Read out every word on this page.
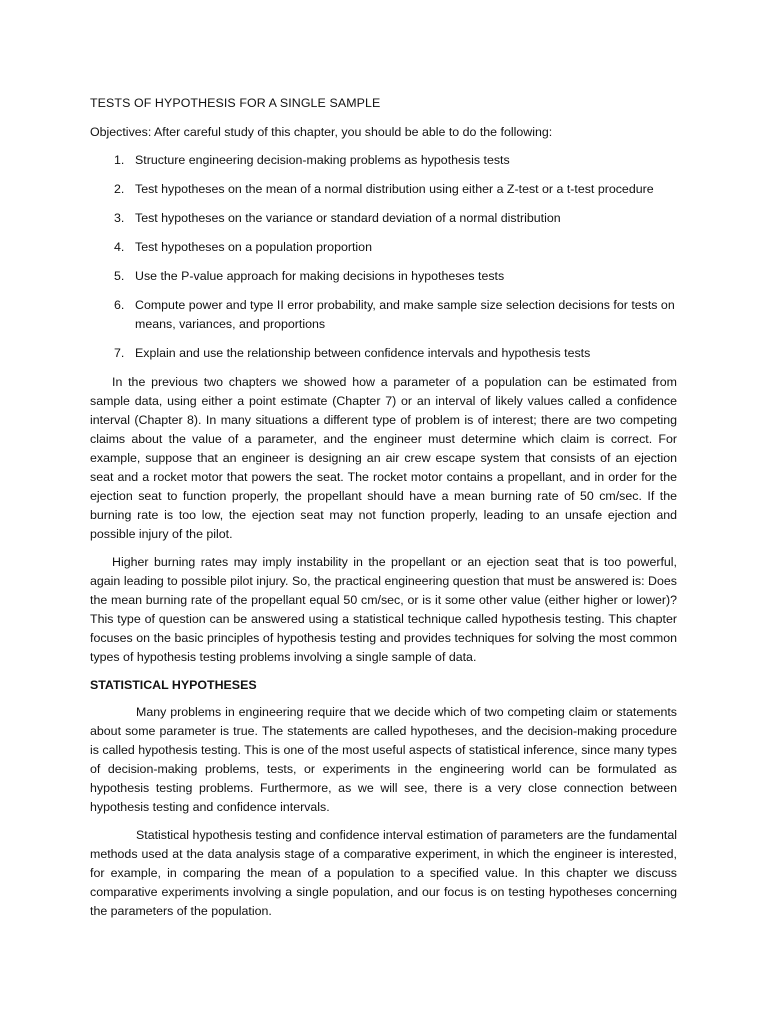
TESTS OF HYPOTHESIS FOR A SINGLE SAMPLE
Objectives: After careful study of this chapter, you should be able to do the following:
1. Structure engineering decision-making problems as hypothesis tests
2. Test hypotheses on the mean of a normal distribution using either a Z-test or a t-test procedure
3. Test hypotheses on the variance or standard deviation of a normal distribution
4. Test hypotheses on a population proportion
5. Use the P-value approach for making decisions in hypotheses tests
6. Compute power and type II error probability, and make sample size selection decisions for tests on means, variances, and proportions
7. Explain and use the relationship between confidence intervals and hypothesis tests

In the previous two chapters we showed how a parameter of a population can be estimated from sample data, using either a point estimate (Chapter 7) or an interval of likely values called a confidence interval (Chapter 8). In many situations a different type of problem is of interest; there are two competing claims about the value of a parameter, and the engineer must determine which claim is correct. For example, suppose that an engineer is designing an air crew escape system that consists of an ejection seat and a rocket motor that powers the seat. The rocket motor contains a propellant, and in order for the ejection seat to function properly, the propellant should have a mean burning rate of 50 cm/sec. If the burning rate is too low, the ejection seat may not function properly, leading to an unsafe ejection and possible injury of the pilot.

Higher burning rates may imply instability in the propellant or an ejection seat that is too powerful, again leading to possible pilot injury. So, the practical engineering question that must be answered is: Does the mean burning rate of the propellant equal 50 cm/sec, or is it some other value (either higher or lower)? This type of question can be answered using a statistical technique called hypothesis testing. This chapter focuses on the basic principles of hypothesis testing and provides techniques for solving the most common types of hypothesis testing problems involving a single sample of data.

STATISTICAL HYPOTHESES

Many problems in engineering require that we decide which of two competing claim or statements about some parameter is true. The statements are called hypotheses, and the decision-making procedure is called hypothesis testing. This is one of the most useful aspects of statistical inference, since many types of decision-making problems, tests, or experiments in the engineering world can be formulated as hypothesis testing problems. Furthermore, as we will see, there is a very close connection between hypothesis testing and confidence intervals.

Statistical hypothesis testing and confidence interval estimation of parameters are the fundamental methods used at the data analysis stage of a comparative experiment, in which the engineer is interested, for example, in comparing the mean of a population to a specified value. In this chapter we discuss comparative experiments involving a single population, and our focus is on testing hypotheses concerning the parameters of the population.
